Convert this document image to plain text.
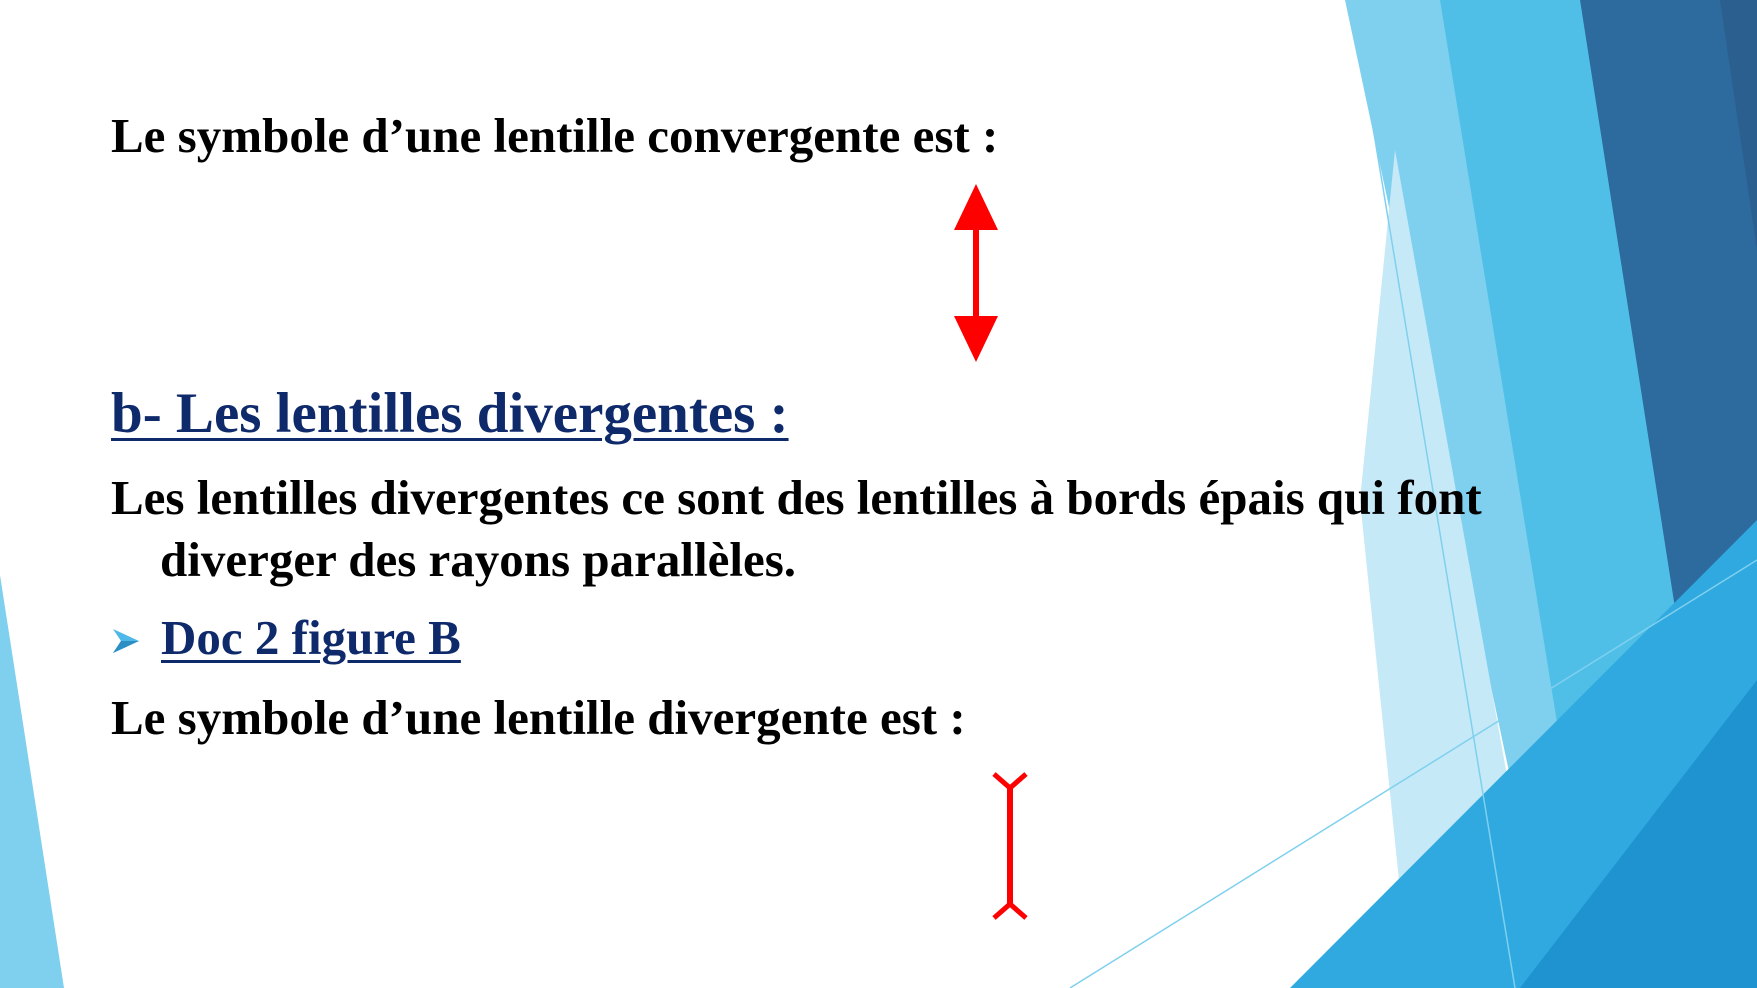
Le symbole d’une lentille convergente est :
b- Les lentilles divergentes :
Les lentilles divergentes ce sont des lentilles à bords épais qui font
diverger des rayons parallèles.
Doc 2 figure B
Le symbole d’une lentille divergente est :
